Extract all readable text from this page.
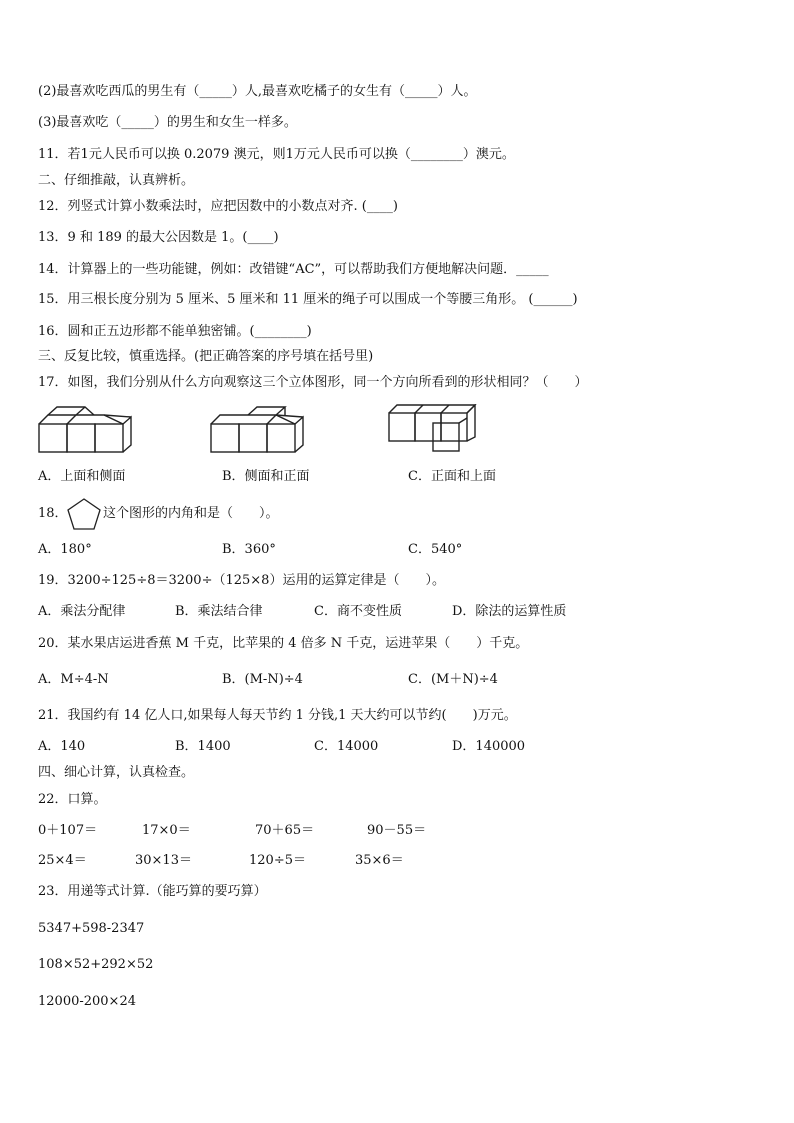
(2)最喜欢吃西瓜的男生有（_____）人,最喜欢吃橘子的女生有（_____）人。
(3)最喜欢吃（_____）的男生和女生一样多。
11．若1元人民币可以换 0.2079 澳元，则1万元人民币可以换（________）澳元。
二、仔细推敲，认真辨析。
12．列竖式计算小数乘法时，应把因数中的小数点对齐. (____)
13．9 和 189 的最大公因数是 1。(____)
14．计算器上的一些功能键，例如：改错键“AC”，可以帮助我们方便地解决问题．_____
15．用三根长度分别为 5 厘米、5 厘米和 11 厘米的绳子可以围成一个等腰三角形。 (______)
16．圆和正五边形都不能单独密铺。(________)
三、反复比较，慎重选择。(把正确答案的序号填在括号里)
17．如图，我们分别从什么方向观察这三个立体图形，同一个方向所看到的形状相同？（　　）
A．上面和侧面	B．侧面和正面	C．正面和上面
18．	这个图形的内角和是（　　）。
A．180°	B．360°	C．540°
19．3200÷125÷8＝3200÷（125×8）运用的运算定律是（　　）。
A．乘法分配律	B．乘法结合律	C．商不变性质	D．除法的运算性质
20．某水果店运进香蕉 M 千克，比苹果的 4 倍多 N 千克，运进苹果（　　）千克。
A．M÷4-N	B．(M-N)÷4	C．(M＋N)÷4
21．我国约有 14 亿人口,如果每人每天节约 1 分钱,1 天大约可以节约(　　)万元。
A．140	B．1400	C．14000	D．140000
四、细心计算，认真检查。
22．口算。
0＋107＝	17×0＝	70＋65＝	90－55＝
25×4＝	30×13＝	120÷5＝	35×6＝
23．用递等式计算.（能巧算的要巧算）
5347+598-2347
108×52+292×52
12000-200×24
